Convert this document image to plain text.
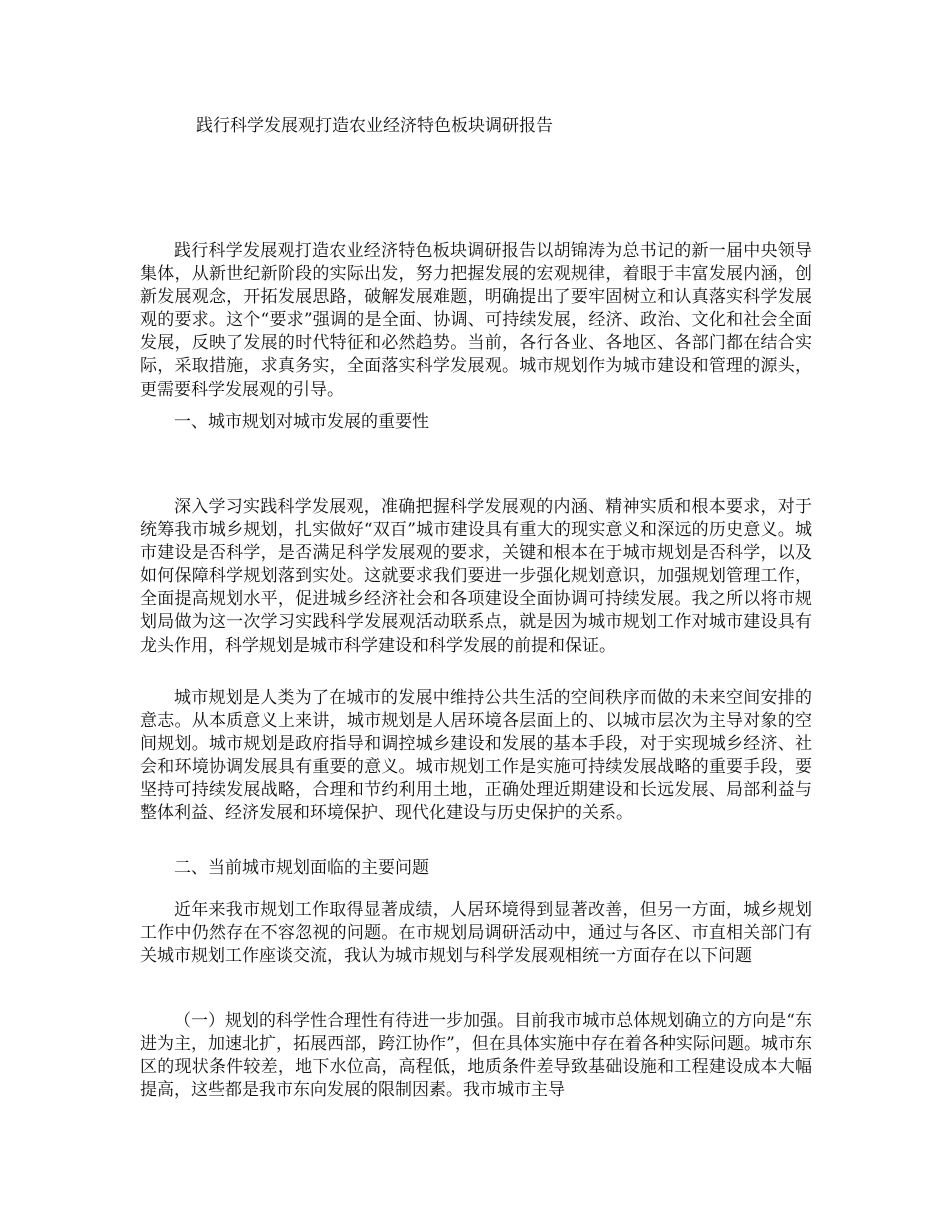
践行科学发展观打造农业经济特色板块调研报告

践行科学发展观打造农业经济特色板块调研报告以胡锦涛为总书记的新一届中央领导集体，从新世纪新阶段的实际出发，努力把握发展的宏观规律，着眼于丰富发展内涵，创新发展观念，开拓发展思路，破解发展难题，明确提出了要牢固树立和认真落实科学发展观的要求。这个“要求”强调的是全面、协调、可持续发展，经济、政治、文化和社会全面发展，反映了发展的时代特征和必然趋势。当前，各行各业、各地区、各部门都在结合实际，采取措施，求真务实，全面落实科学发展观。城市规划作为城市建设和管理的源头，更需要科学发展观的引导。

一、城市规划对城市发展的重要性

深入学习实践科学发展观，准确把握科学发展观的内涵、精神实质和根本要求，对于统筹我市城乡规划，扎实做好“双百”城市建设具有重大的现实意义和深远的历史意义。城市建设是否科学，是否满足科学发展观的要求，关键和根本在于城市规划是否科学，以及如何保障科学规划落到实处。这就要求我们要进一步强化规划意识，加强规划管理工作，全面提高规划水平，促进城乡经济社会和各项建设全面协调可持续发展。我之所以将市规划局做为这一次学习实践科学发展观活动联系点，就是因为城市规划工作对城市建设具有龙头作用，科学规划是城市科学建设和科学发展的前提和保证。

城市规划是人类为了在城市的发展中维持公共生活的空间秩序而做的未来空间安排的意志。从本质意义上来讲，城市规划是人居环境各层面上的、以城市层次为主导对象的空间规划。城市规划是政府指导和调控城乡建设和发展的基本手段，对于实现城乡经济、社会和环境协调发展具有重要的意义。城市规划工作是实施可持续发展战略的重要手段，要坚持可持续发展战略，合理和节约利用土地，正确处理近期建设和长远发展、局部利益与整体利益、经济发展和环境保护、现代化建设与历史保护的关系。

二、当前城市规划面临的主要问题

近年来我市规划工作取得显著成绩，人居环境得到显著改善，但另一方面，城乡规划工作中仍然存在不容忽视的问题。在市规划局调研活动中，通过与各区、市直相关部门有关城市规划工作座谈交流，我认为城市规划与科学发展观相统一方面存在以下问题

（一）规划的科学性合理性有待进一步加强。目前我市城市总体规划确立的方向是“东进为主，加速北扩，拓展西部，跨江协作”，但在具体实施中存在着各种实际问题。城市东区的现状条件较差，地下水位高，高程低，地质条件差导致基础设施和工程建设成本大幅提高，这些都是我市东向发展的限制因素。我市城市主导
